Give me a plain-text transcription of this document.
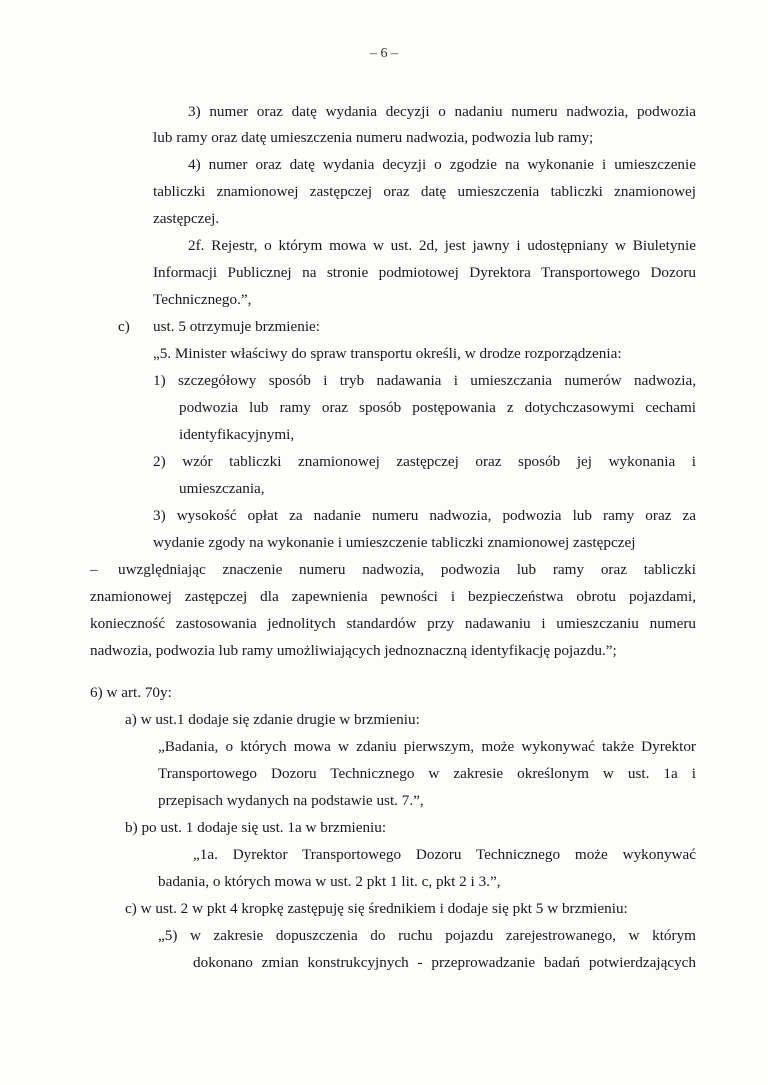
– 6 –
3) numer oraz datę wydania decyzji o nadaniu numeru nadwozia, podwozia
lub ramy oraz datę umieszczenia numeru nadwozia, podwozia lub ramy;
4) numer oraz datę wydania decyzji o zgodzie na wykonanie i umieszczenie
tabliczki znamionowej zastępczej oraz datę umieszczenia tabliczki znamionowej
zastępczej.
2f. Rejestr, o którym mowa w ust. 2d, jest jawny i udostępniany w Biuletynie
Informacji Publicznej na stronie podmiotowej Dyrektora Transportowego Dozoru
Technicznego.”,
c) ust. 5 otrzymuje brzmienie:
„5. Minister właściwy do spraw transportu określi, w drodze rozporządzenia:
1) szczegółowy sposób i tryb nadawania i umieszczania numerów nadwozia,
podwozia lub ramy oraz sposób postępowania z dotychczasowymi cechami
identyfikacyjnymi,
2) wzór tabliczki znamionowej zastępczej oraz sposób jej wykonania i
umieszczania,
3) wysokość opłat za nadanie numeru nadwozia, podwozia lub ramy oraz za
wydanie zgody na wykonanie i umieszczenie tabliczki znamionowej zastępczej
– uwzględniając znaczenie numeru nadwozia, podwozia lub ramy oraz tabliczki
znamionowej zastępczej dla zapewnienia pewności i bezpieczeństwa obrotu pojazdami,
konieczność zastosowania jednolitych standardów przy nadawaniu i umieszczaniu numeru
nadwozia, podwozia lub ramy umożliwiających jednoznaczną identyfikację pojazdu.”;
6) w art. 70y:
a) w ust.1 dodaje się zdanie drugie w brzmieniu:
„Badania, o których mowa w zdaniu pierwszym, może wykonywać także Dyrektor
Transportowego Dozoru Technicznego w zakresie określonym w ust. 1a i
przepisach wydanych na podstawie ust. 7.”,
b) po ust. 1 dodaje się ust. 1a w brzmieniu:
„1a. Dyrektor Transportowego Dozoru Technicznego może wykonywać
badania, o których mowa w ust. 2 pkt 1 lit. c, pkt 2 i 3.”,
c) w ust. 2 w pkt 4 kropkę zastępuję się średnikiem i dodaje się pkt 5 w brzmieniu:
„5) w zakresie dopuszczenia do ruchu pojazdu zarejestrowanego, w którym
dokonano zmian konstrukcyjnych - przeprowadzanie badań potwierdzających
